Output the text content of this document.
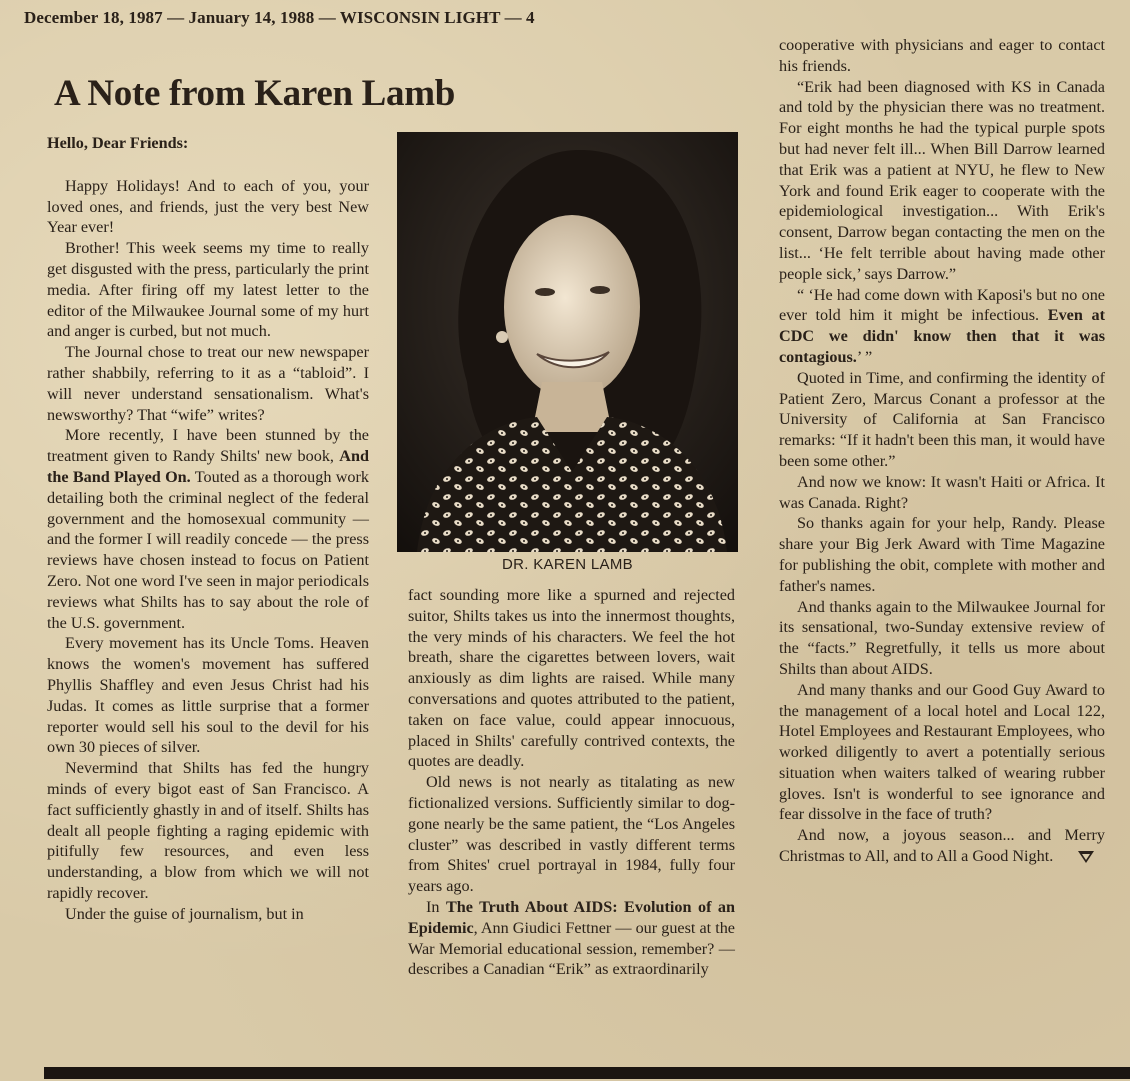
December 18, 1987 — January 14, 1988 — WISCONSIN LIGHT — 4
A Note from Karen Lamb

Hello, Dear Friends:

Happy Holidays! And to each of you, your loved ones, and friends, just the very best New Year ever!

Brother! This week seems my time to really get disgusted with the press, particularly the print media. After firing off my latest letter to the editor of the Milwaukee Journal some of my hurt and anger is curbed, but not much.

The Journal chose to treat our new newspaper rather shabbily, referring to it as a “tabloid”. I will never understand sensationalism. What's newsworthy? That “wife” writes?

More recently, I have been stunned by the treatment given to Randy Shilts' new book, And the Band Played On. Touted as a thorough work detailing both the criminal neglect of the federal government and the homosexual community — and the former I will readily concede — the press reviews have chosen instead to focus on Patient Zero. Not one word I've seen in major periodicals reviews what Shilts has to say about the role of the U.S. government.

Every movement has its Uncle Toms. Heaven knows the women's movement has suffered Phyllis Shaffley and even Jesus Christ had his Judas. It comes as little surprise that a former reporter would sell his soul to the devil for his own 30 pieces of silver.

Nevermind that Shilts has fed the hungry minds of every bigot east of San Francisco. A fact sufficiently ghastly in and of itself. Shilts has dealt all people fighting a raging epidemic with pitifully few resources, and even less understanding, a blow from which we will not rapidly recover.

Under the guise of journalism, but in

DR. KAREN LAMB

fact sounding more like a spurned and rejected suitor, Shilts takes us into the innermost thoughts, the very minds of his characters. We feel the hot breath, share the cigarettes between lovers, wait anxiously as dim lights are raised. While many conversations and quotes attributed to the patient, taken on face value, could appear innocuous, placed in Shilts' carefully contrived contexts, the quotes are deadly.

Old news is not nearly as titalating as new fictionalized versions. Sufficiently similar to dog-gone nearly be the same patient, the “Los Angeles cluster” was described in vastly different terms from Shites' cruel portrayal in 1984, fully four years ago.

In The Truth About AIDS: Evolution of an Epidemic, Ann Giudici Fettner — our guest at the War Memorial educational session, remember? — describes a Canadian “Erik” as extraordinarily

cooperative with physicians and eager to contact his friends.

“Erik had been diagnosed with KS in Canada and told by the physician there was no treatment. For eight months he had the typical purple spots but had never felt ill... When Bill Darrow learned that Erik was a patient at NYU, he flew to New York and found Erik eager to cooperate with the epidemiological investigation... With Erik's consent, Darrow began contacting the men on the list... ‘He felt terrible about having made other people sick,’ says Darrow.”

“ ‘He had come down with Kaposi's but no one ever told him it might be infectious. Even at CDC we didn' know then that it was contagious.’ ”

Quoted in Time, and confirming the identity of Patient Zero, Marcus Conant a professor at the University of California at San Francisco remarks: “If it hadn't been this man, it would have been some other.”

And now we know: It wasn't Haiti or Africa. It was Canada. Right?

So thanks again for your help, Randy. Please share your Big Jerk Award with Time Magazine for publishing the obit, complete with mother and father's names.

And thanks again to the Milwaukee Journal for its sensational, two-Sunday extensive review of the “facts.” Regretfully, it tells us more about Shilts than about AIDS.

And many thanks and our Good Guy Award to the management of a local hotel and Local 122, Hotel Employees and Restaurant Employees, who worked diligently to avert a potentially serious situation when waiters talked of wearing rubber gloves. Isn't is wonderful to see ignorance and fear dissolve in the face of truth?

And now, a joyous season... and Merry Christmas to All, and to All a Good Night.
